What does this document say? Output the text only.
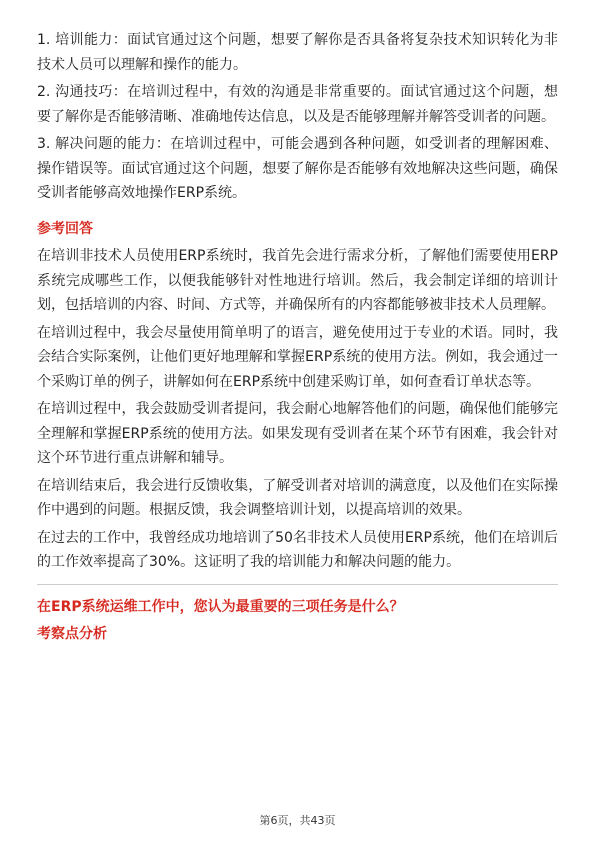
1. 培训能力：面试官通过这个问题，想要了解你是否具备将复杂技术知识转化为非技术人员可以理解和操作的能力。

2. 沟通技巧：在培训过程中，有效的沟通是非常重要的。面试官通过这个问题，想要了解你是否能够清晰、准确地传达信息，以及是否能够理解并解答受训者的问题。

3. 解决问题的能力：在培训过程中，可能会遇到各种问题，如受训者的理解困难、操作错误等。面试官通过这个问题，想要了解你是否能够有效地解决这些问题，确保受训者能够高效地操作ERP系统。

参考回答

在培训非技术人员使用ERP系统时，我首先会进行需求分析，了解他们需要使用ERP系统完成哪些工作，以便我能够针对性地进行培训。然后，我会制定详细的培训计划，包括培训的内容、时间、方式等，并确保所有的内容都能够被非技术人员理解。

在培训过程中，我会尽量使用简单明了的语言，避免使用过于专业的术语。同时，我会结合实际案例，让他们更好地理解和掌握ERP系统的使用方法。例如，我会通过一个采购订单的例子，讲解如何在ERP系统中创建采购订单，如何查看订单状态等。

在培训过程中，我会鼓励受训者提问，我会耐心地解答他们的问题，确保他们能够完全理解和掌握ERP系统的使用方法。如果发现有受训者在某个环节有困难，我会针对这个环节进行重点讲解和辅导。

在培训结束后，我会进行反馈收集，了解受训者对培训的满意度，以及他们在实际操作中遇到的问题。根据反馈，我会调整培训计划，以提高培训的效果。

在过去的工作中，我曾经成功地培训了50名非技术人员使用ERP系统，他们在培训后的工作效率提高了30%。这证明了我的培训能力和解决问题的能力。

在ERP系统运维工作中，您认为最重要的三项任务是什么？
考察点分析
第6页，共43页
